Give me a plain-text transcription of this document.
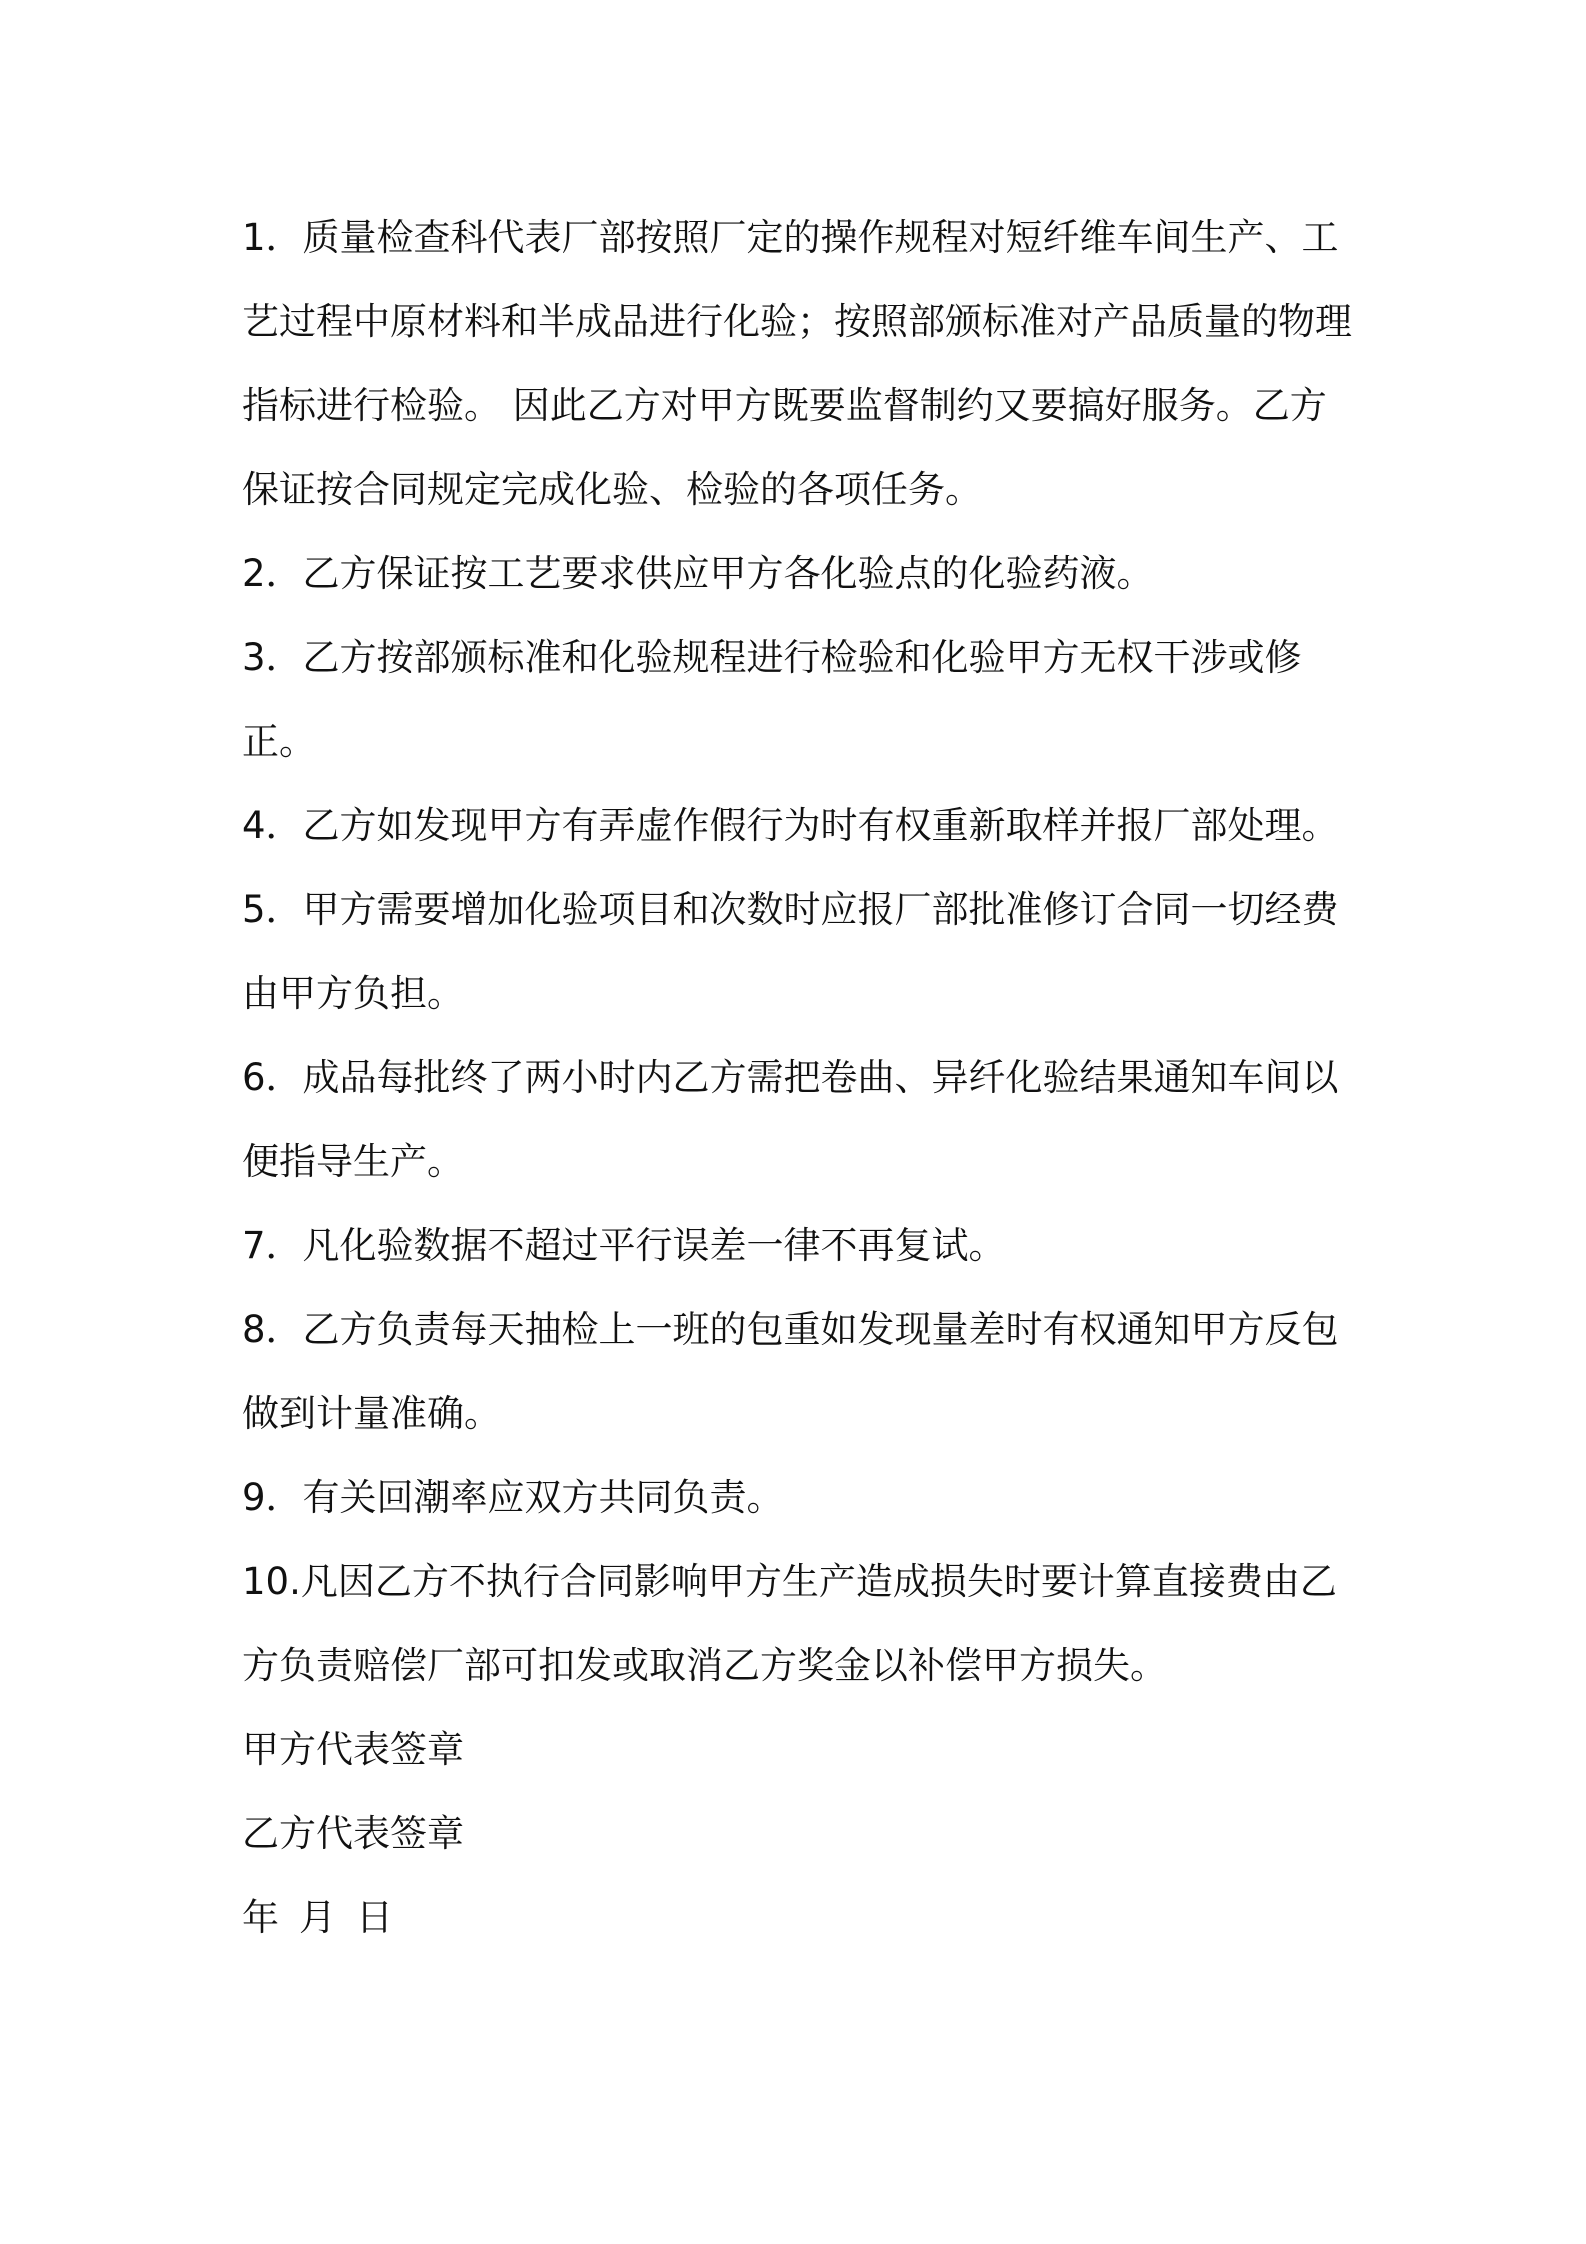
1．质量检查科代表厂部按照厂定的操作规程对短纤维车间生产、工艺过程中原材料和半成品进行化验；按照部颁标准对产品质量的物理指标进行检验。 因此乙方对甲方既要监督制约又要搞好服务。乙方保证按合同规定完成化验、检验的各项任务。

2．乙方保证按工艺要求供应甲方各化验点的化验药液。

3．乙方按部颁标准和化验规程进行检验和化验甲方无权干涉或修正。

4．乙方如发现甲方有弄虚作假行为时有权重新取样并报厂部处理。

5．甲方需要增加化验项目和次数时应报厂部批准修订合同一切经费由甲方负担。

6．成品每批终了两小时内乙方需把卷曲、异纤化验结果通知车间以便指导生产。

7．凡化验数据不超过平行误差一律不再复试。

8．乙方负责每天抽检上一班的包重如发现量差时有权通知甲方反包做到计量准确。

9．有关回潮率应双方共同负责。

10.凡因乙方不执行合同影响甲方生产造成损失时要计算直接费由乙方负责赔偿厂部可扣发或取消乙方奖金以补偿甲方损失。

甲方代表签章

乙方代表签章

年 月 日
